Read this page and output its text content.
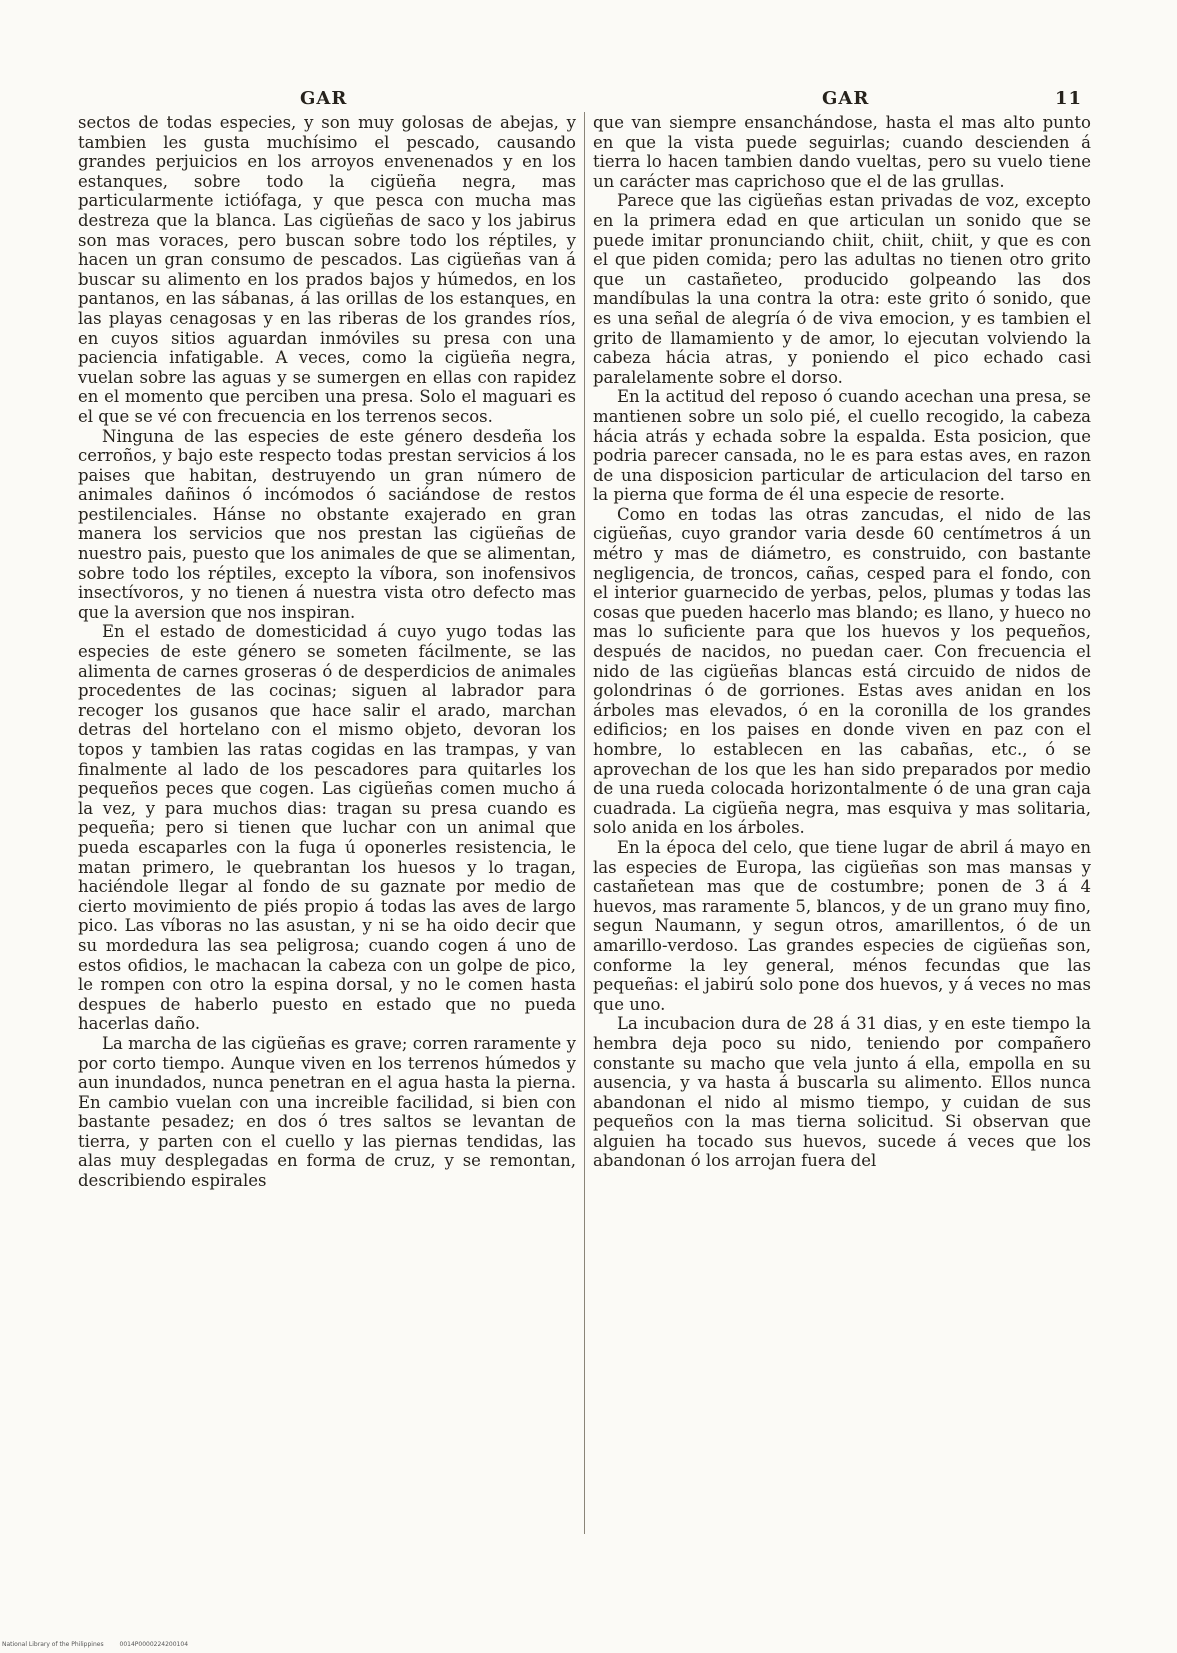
GAR	GAR	11

sectos de todas especies, y son muy golosas de abejas, y tambien les gusta muchísimo el pescado, causando grandes perjuicios en los arroyos envenenados y en los estanques, sobre todo la cigüeña negra, mas particularmente ictiófaga, y que pesca con mucha mas destreza que la blanca. Las cigüeñas de saco y los jabirus son mas voraces, pero buscan sobre todo los réptiles, y hacen un gran consumo de pescados. Las cigüeñas van á buscar su alimento en los prados bajos y húmedos, en los pantanos, en las sábanas, á las orillas de los estanques, en las playas cenagosas y en las riberas de los grandes ríos, en cuyos sitios aguardan inmóviles su presa con una paciencia infatigable. A veces, como la cigüeña negra, vuelan sobre las aguas y se sumergen en ellas con rapidez en el momento que perciben una presa. Solo el maguari es el que se vé con frecuencia en los terrenos secos.

Ninguna de las especies de este género desdeña los cerroños, y bajo este respecto todas prestan servicios á los paises que habitan, destruyendo un gran número de animales dañinos ó incómodos ó saciándose de restos pestilenciales. Hánse no obstante exajerado en gran manera los servicios que nos prestan las cigüeñas de nuestro pais, puesto que los animales de que se alimentan, sobre todo los réptiles, excepto la víbora, son inofensivos insectívoros, y no tienen á nuestra vista otro defecto mas que la aversion que nos inspiran.

En el estado de domesticidad á cuyo yugo todas las especies de este género se someten fácilmente, se las alimenta de carnes groseras ó de desperdicios de animales procedentes de las cocinas; siguen al labrador para recoger los gusanos que hace salir el arado, marchan detras del hortelano con el mismo objeto, devoran los topos y tambien las ratas cogidas en las trampas, y van finalmente al lado de los pescadores para quitarles los pequeños peces que cogen. Las cigüeñas comen mucho á la vez, y para muchos dias: tragan su presa cuando es pequeña; pero si tienen que luchar con un animal que pueda escaparles con la fuga ú oponerles resistencia, le matan primero, le quebrantan los huesos y lo tragan, haciéndole llegar al fondo de su gaznate por medio de cierto movimiento de piés propio á todas las aves de largo pico. Las víboras no las asustan, y ni se ha oido decir que su mordedura las sea peligrosa; cuando cogen á uno de estos ofidios, le machacan la cabeza con un golpe de pico, le rompen con otro la espina dorsal, y no le comen hasta despues de haberlo puesto en estado que no pueda hacerlas daño.

La marcha de las cigüeñas es grave; corren raramente y por corto tiempo. Aunque viven en los terrenos húmedos y aun inundados, nunca penetran en el agua hasta la pierna. En cambio vuelan con una increible facilidad, si bien con bastante pesadez; en dos ó tres saltos se levantan de tierra, y parten con el cuello y las piernas tendidas, las alas muy desplegadas en forma de cruz, y se remontan, describiendo espirales

que van siempre ensanchándose, hasta el mas alto punto en que la vista puede seguirlas; cuando descienden á tierra lo hacen tambien dando vueltas, pero su vuelo tiene un carácter mas caprichoso que el de las grullas.

Parece que las cigüeñas estan privadas de voz, excepto en la primera edad en que articulan un sonido que se puede imitar pronunciando chiit, chiit, chiit, y que es con el que piden comida; pero las adultas no tienen otro grito que un castañeteo, producido golpeando las dos mandíbulas la una contra la otra: este grito ó sonido, que es una señal de alegría ó de viva emocion, y es tambien el grito de llamamiento y de amor, lo ejecutan volviendo la cabeza hácia atras, y poniendo el pico echado casi paralelamente sobre el dorso.

En la actitud del reposo ó cuando acechan una presa, se mantienen sobre un solo pié, el cuello recogido, la cabeza hácia atrás y echada sobre la espalda. Esta posicion, que podria parecer cansada, no le es para estas aves, en razon de una disposicion particular de articulacion del tarso en la pierna que forma de él una especie de resorte.

Como en todas las otras zancudas, el nido de las cigüeñas, cuyo grandor varia desde 60 centímetros á un métro y mas de diámetro, es construido, con bastante negligencia, de troncos, cañas, cesped para el fondo, con el interior guarnecido de yerbas, pelos, plumas y todas las cosas que pueden hacerlo mas blando; es llano, y hueco no mas lo suficiente para que los huevos y los pequeños, después de nacidos, no puedan caer. Con frecuencia el nido de las cigüeñas blancas está circuido de nidos de golondrinas ó de gorriones. Estas aves anidan en los árboles mas elevados, ó en la coronilla de los grandes edificios; en los paises en donde viven en paz con el hombre, lo establecen en las cabañas, etc., ó se aprovechan de los que les han sido preparados por medio de una rueda colocada horizontalmente ó de una gran caja cuadrada. La cigüeña negra, mas esquiva y mas solitaria, solo anida en los árboles.

En la época del celo, que tiene lugar de abril á mayo en las especies de Europa, las cigüeñas son mas mansas y castañetean mas que de costumbre; ponen de 3 á 4 huevos, mas raramente 5, blancos, y de un grano muy fino, segun Naumann, y segun otros, amarillentos, ó de un amarillo-verdoso. Las grandes especies de cigüeñas son, conforme la ley general, ménos fecundas que las pequeñas: el jabirú solo pone dos huevos, y á veces no mas que uno.

La incubacion dura de 28 á 31 dias, y en este tiempo la hembra deja poco su nido, teniendo por compañero constante su macho que vela junto á ella, empolla en su ausencia, y va hasta á buscarla su alimento. Ellos nunca abandonan el nido al mismo tiempo, y cuidan de sus pequeños con la mas tierna solicitud. Si observan que alguien ha tocado sus huevos, sucede á veces que los abandonan ó los arrojan fuera del

National Library of the Philippines	0014P0000224200104
